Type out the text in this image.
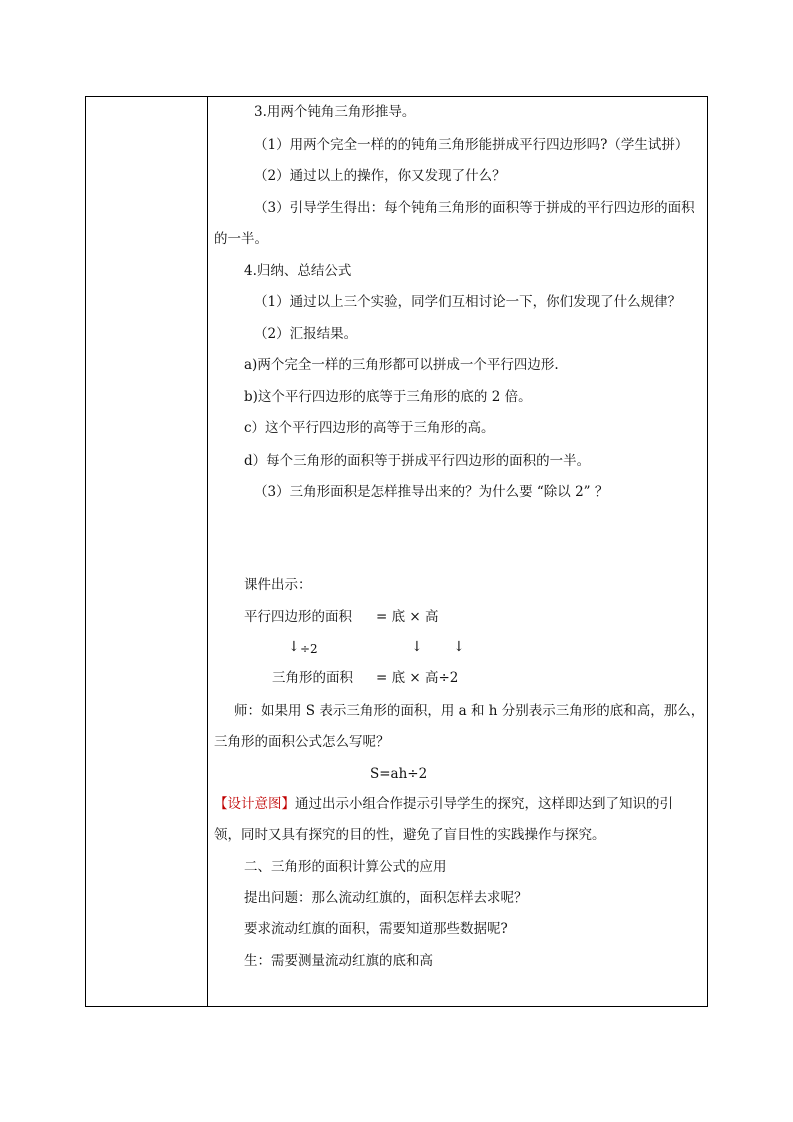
3.用两个钝角三角形推导。
（1）用两个完全一样的的钝角三角形能拼成平行四边形吗?（学生试拼）
（2）通过以上的操作，你又发现了什么？
（3）引导学生得出：每个钝角三角形的面积等于拼成的平行四边形的面积
的一半。
4.归纳、总结公式
（1）通过以上三个实验，同学们互相讨论一下，你们发现了什么规律？
（2）汇报结果。
a)两个完全一样的三角形都可以拼成一个平行四边形.
b)这个平行四边形的底等于三角形的底的 2 倍。
c）这个平行四边形的高等于三角形的高。
d）每个三角形的面积等于拼成平行四边形的面积的一半。
（3）三角形面积是怎样推导出来的？为什么要 “除以 2” ？
课件出示：
平行四边形的面积 = 底 × 高
↓ ÷2	↓ ↓
三角形的面积 = 底 × 高÷2
师：如果用 S 表示三角形的面积，用 a 和 h 分别表示三角形的底和高，那么，
三角形的面积公式怎么写呢？
S=ah÷2
【设计意图】通过出示小组合作提示引导学生的探究，这样即达到了知识的引
领，同时又具有探究的目的性，避免了盲目性的实践操作与探究。
二、三角形的面积计算公式的应用
提出问题：那么流动红旗的，面积怎样去求呢？
要求流动红旗的面积，需要知道那些数据呢?
生：需要测量流动红旗的底和高
